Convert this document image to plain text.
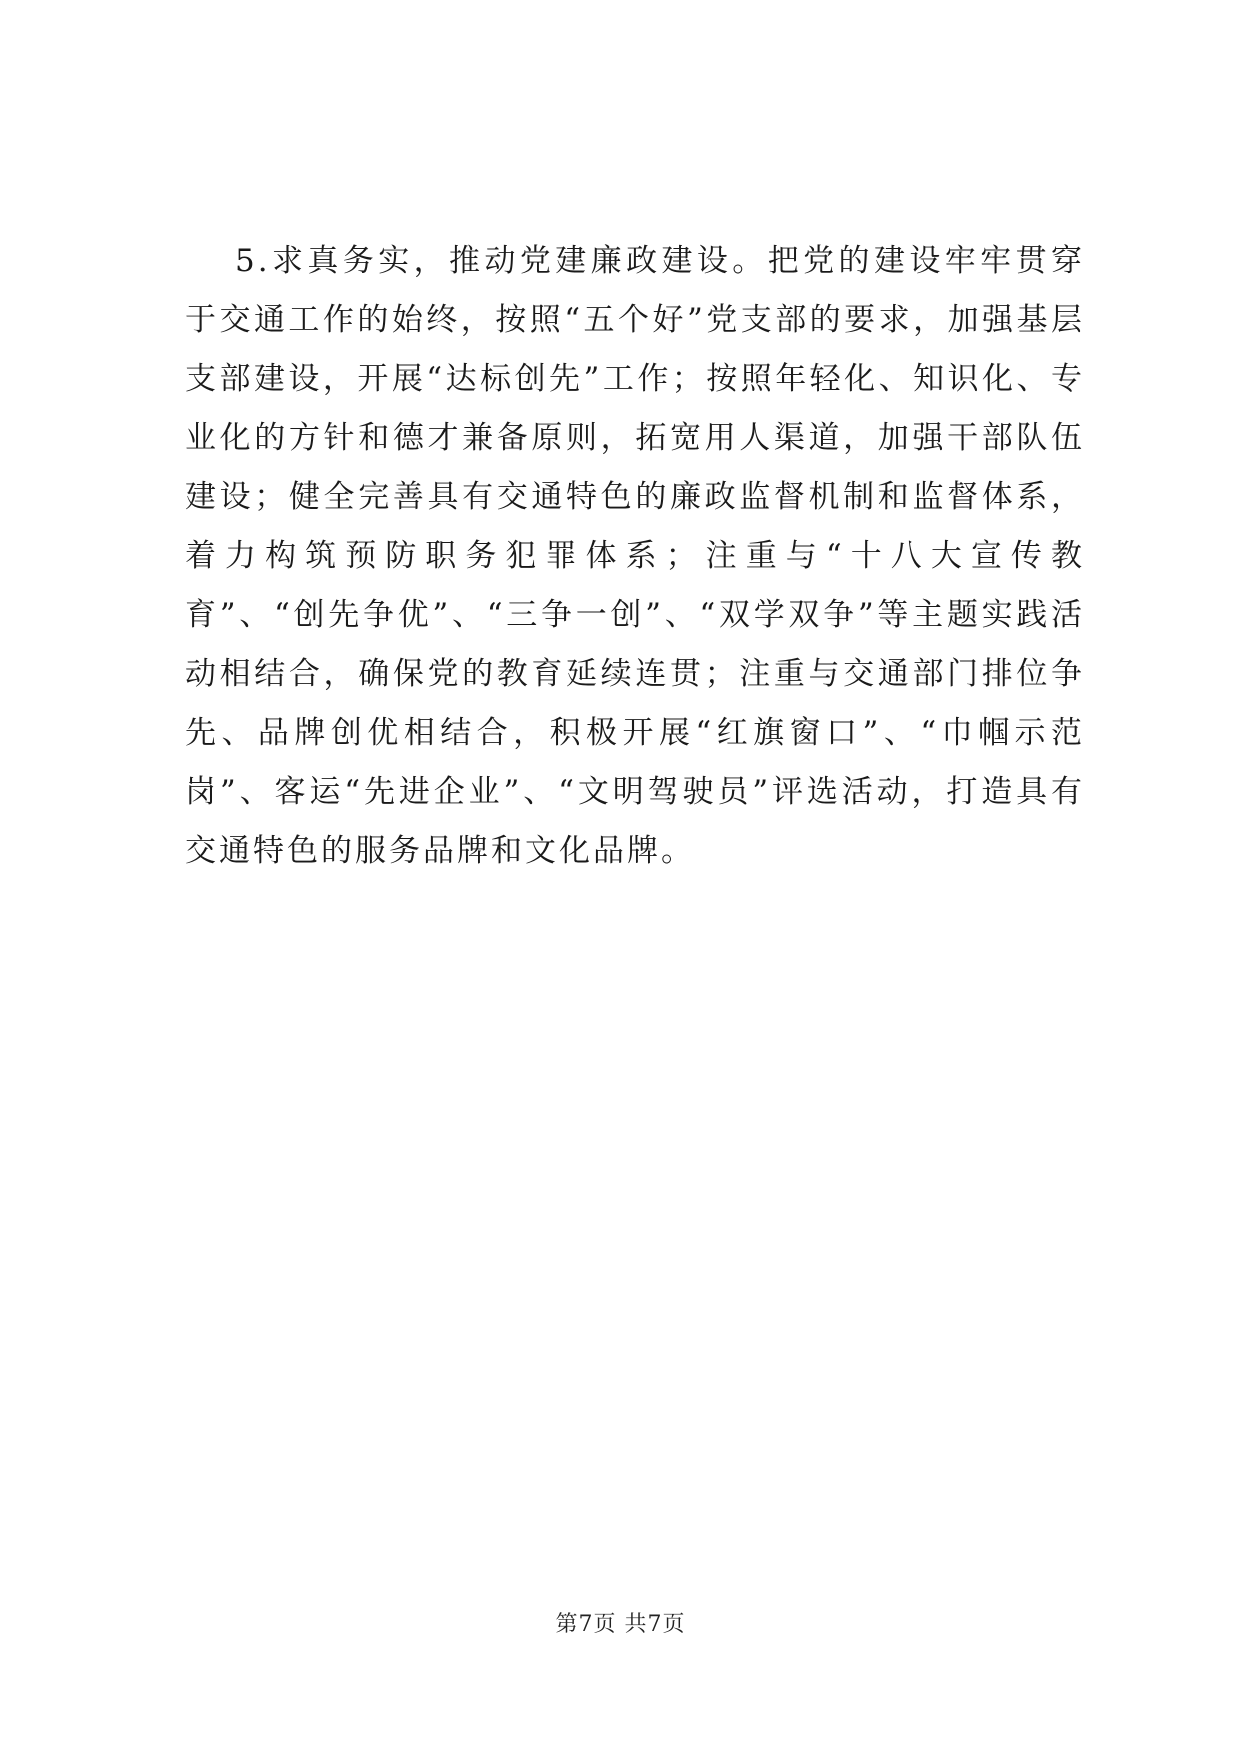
5.求真务实，推动党建廉政建设。把党的建设牢牢贯穿于交通工作的始终，按照“五个好”党支部的要求，加强基层支部建设，开展“达标创先”工作；按照年轻化、知识化、专业化的方针和德才兼备原则，拓宽用人渠道，加强干部队伍建设；健全完善具有交通特色的廉政监督机制和监督体系，着力构筑预防职务犯罪体系；注重与“十八大宣传教育”、“创先争优”、“三争一创”、“双学双争”等主题实践活动相结合，确保党的教育延续连贯；注重与交通部门排位争先、品牌创优相结合，积极开展“红旗窗口”、“巾帼示范岗”、客运“先进企业”、“文明驾驶员”评选活动，打造具有交通特色的服务品牌和文化品牌。

第7页 共7页
